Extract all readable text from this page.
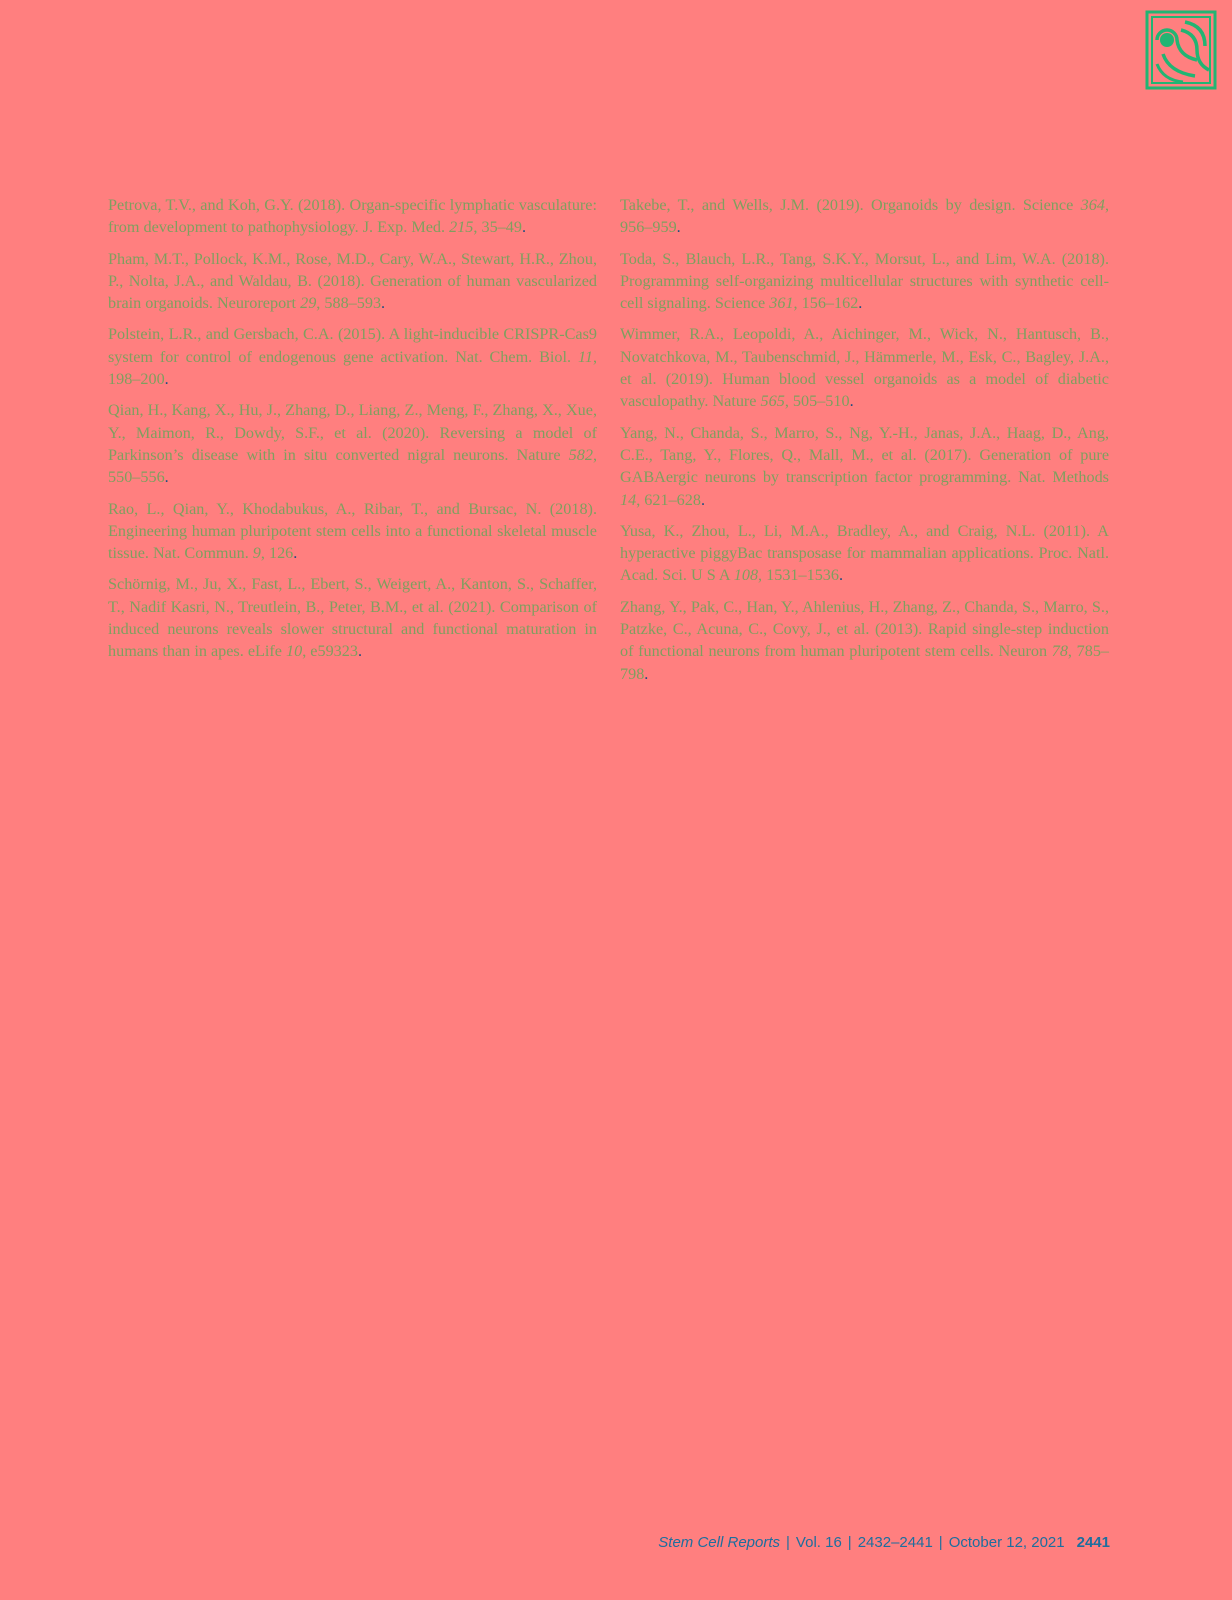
Petrova, T.V., and Koh, G.Y. (2018). Organ-specific lymphatic vasculature: from development to pathophysiology. J. Exp. Med. 215, 35–49.

Pham, M.T., Pollock, K.M., Rose, M.D., Cary, W.A., Stewart, H.R., Zhou, P., Nolta, J.A., and Waldau, B. (2018). Generation of human vascularized brain organoids. Neuroreport 29, 588–593.

Polstein, L.R., and Gersbach, C.A. (2015). A light-inducible CRISPR-Cas9 system for control of endogenous gene activation. Nat. Chem. Biol. 11, 198–200.

Qian, H., Kang, X., Hu, J., Zhang, D., Liang, Z., Meng, F., Zhang, X., Xue, Y., Maimon, R., Dowdy, S.F., et al. (2020). Reversing a model of Parkinson’s disease with in situ converted nigral neurons. Nature 582, 550–556.

Rao, L., Qian, Y., Khodabukus, A., Ribar, T., and Bursac, N. (2018). Engineering human pluripotent stem cells into a functional skeletal muscle tissue. Nat. Commun. 9, 126.

Schörnig, M., Ju, X., Fast, L., Ebert, S., Weigert, A., Kanton, S., Schaffer, T., Nadif Kasri, N., Treutlein, B., Peter, B.M., et al. (2021). Comparison of induced neurons reveals slower structural and functional maturation in humans than in apes. eLife 10, e59323.

Takebe, T., and Wells, J.M. (2019). Organoids by design. Science 364, 956–959.

Toda, S., Blauch, L.R., Tang, S.K.Y., Morsut, L., and Lim, W.A. (2018). Programming self-organizing multicellular structures with synthetic cell-cell signaling. Science 361, 156–162.

Wimmer, R.A., Leopoldi, A., Aichinger, M., Wick, N., Hantusch, B., Novatchkova, M., Taubenschmid, J., Hämmerle, M., Esk, C., Bagley, J.A., et al. (2019). Human blood vessel organoids as a model of diabetic vasculopathy. Nature 565, 505–510.

Yang, N., Chanda, S., Marro, S., Ng, Y.-H., Janas, J.A., Haag, D., Ang, C.E., Tang, Y., Flores, Q., Mall, M., et al. (2017). Generation of pure GABAergic neurons by transcription factor programming. Nat. Methods 14, 621–628.

Yusa, K., Zhou, L., Li, M.A., Bradley, A., and Craig, N.L. (2011). A hyperactive piggyBac transposase for mammalian applications. Proc. Natl. Acad. Sci. U S A 108, 1531–1536.

Zhang, Y., Pak, C., Han, Y., Ahlenius, H., Zhang, Z., Chanda, S., Marro, S., Patzke, C., Acuna, C., Covy, J., et al. (2013). Rapid single-step induction of functional neurons from human pluripotent stem cells. Neuron 78, 785–798.

Stem Cell Reports | Vol. 16 | 2432–2441 | October 12, 2021 2441
